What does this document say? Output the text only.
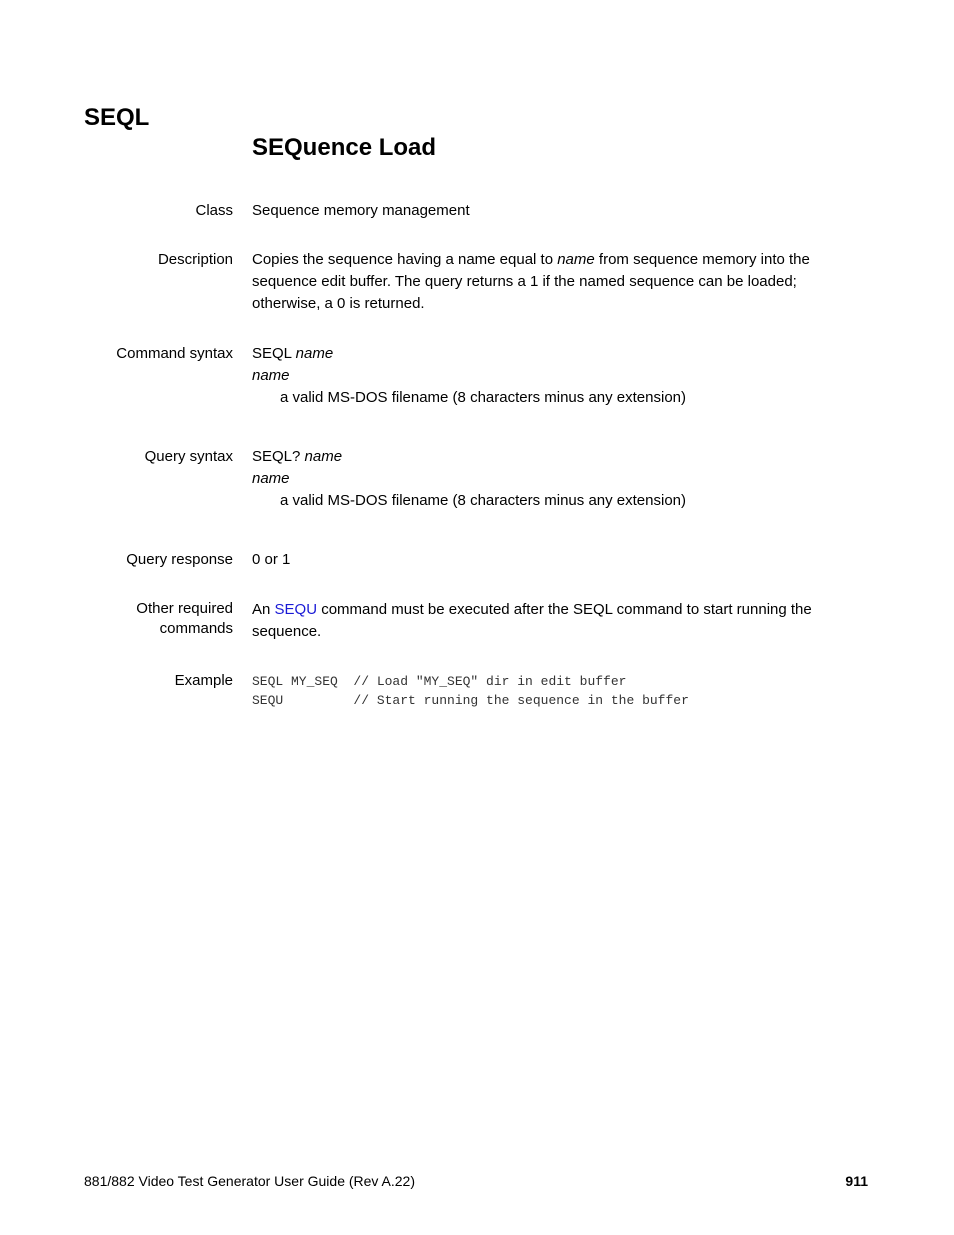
SEQL
SEQuence Load
Class Sequence memory management

Description Copies the sequence having a name equal to name from sequence memory into the sequence edit buffer. The query returns a 1 if the named sequence can be loaded; otherwise, a 0 is returned.

Command syntax SEQL name

name

a valid MS-DOS filename (8 characters minus any extension)

Query syntax SEQL? name

name

a valid MS-DOS filename (8 characters minus any extension)

Query response 0 or 1

Other required
commands

An SEQU command must be executed after the SEQL command to start running the sequence.

Example SEQL MY_SEQ  // Load "MY_SEQ" dir in edit buffer

SEQU         // Start running the sequence in the buffer

881/882 Video Test Generator User Guide (Rev A.22)	911
